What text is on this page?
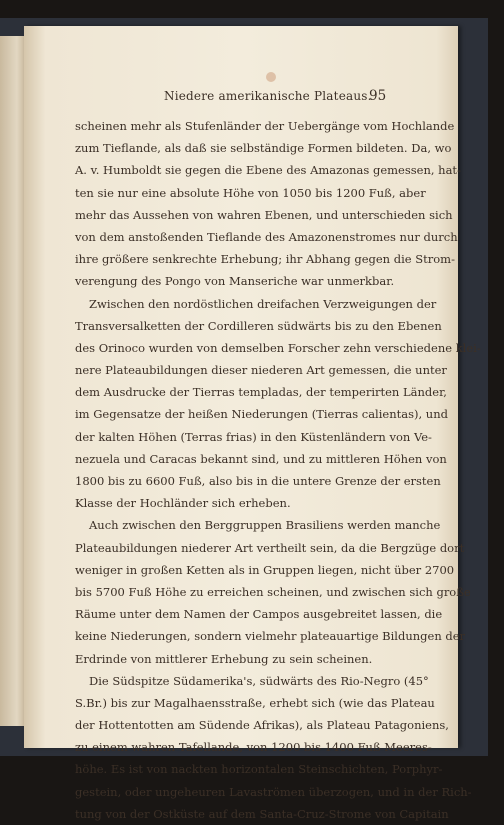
Niedere amerikanische Plateaus.
95
scheinen mehr als Stufenländer der Uebergänge vom Hochlande
zum Tieflande, als daß sie selbständige Formen bildeten. Da, wo
A. v. Humboldt sie gegen die Ebene des Amazonas gemessen, hat-
ten sie nur eine absolute Höhe von 1050 bis 1200 Fuß, aber
mehr das Aussehen von wahren Ebenen, und unterschieden sich
von dem anstoßenden Tieflande des Amazonenstromes nur durch
ihre größere senkrechte Erhebung; ihr Abhang gegen die Strom-
verengung des Pongo von Manseriche war unmerkbar.
Zwischen den nordöstlichen dreifachen Verzweigungen der
Transversalketten der Cordilleren südwärts bis zu den Ebenen
des Orinoco wurden von demselben Forscher zehn verschiedene klei-
nere Plateaubildungen dieser niederen Art gemessen, die unter
dem Ausdrucke der Tierras templadas, der temperirten Länder,
im Gegensatze der heißen Niederungen (Tierras calientas), und
der kalten Höhen (Terras frias) in den Küstenländern von Ve-
nezuela und Caracas bekannt sind, und zu mittleren Höhen von
1800 bis zu 6600 Fuß, also bis in die untere Grenze der ersten
Klasse der Hochländer sich erheben.
Auch zwischen den Berggruppen Brasiliens werden manche
Plateaubildungen niederer Art vertheilt sein, da die Bergzüge dort
weniger in großen Ketten als in Gruppen liegen, nicht über 2700
bis 5700 Fuß Höhe zu erreichen scheinen, und zwischen sich große
Räume unter dem Namen der Campos ausgebreitet lassen, die
keine Niederungen, sondern vielmehr plateauartige Bildungen der
Erdrinde von mittlerer Erhebung zu sein scheinen.
Die Südspitze Südamerika's, südwärts des Rio-Negro (45°
S.Br.) bis zur Magalhaensstraße, erhebt sich (wie das Plateau
der Hottentotten am Südende Afrikas), als Plateau Patagoniens,
zu einem wahren Tafellande, von 1200 bis 1400 Fuß Meeres-
höhe. Es ist von nackten horizontalen Steinschichten, Porphyr-
gestein, oder ungeheuren Lavaströmen überzogen, und in der Rich-
tung von der Ostküste auf dem Santa-Cruz-Strome von Capitain
